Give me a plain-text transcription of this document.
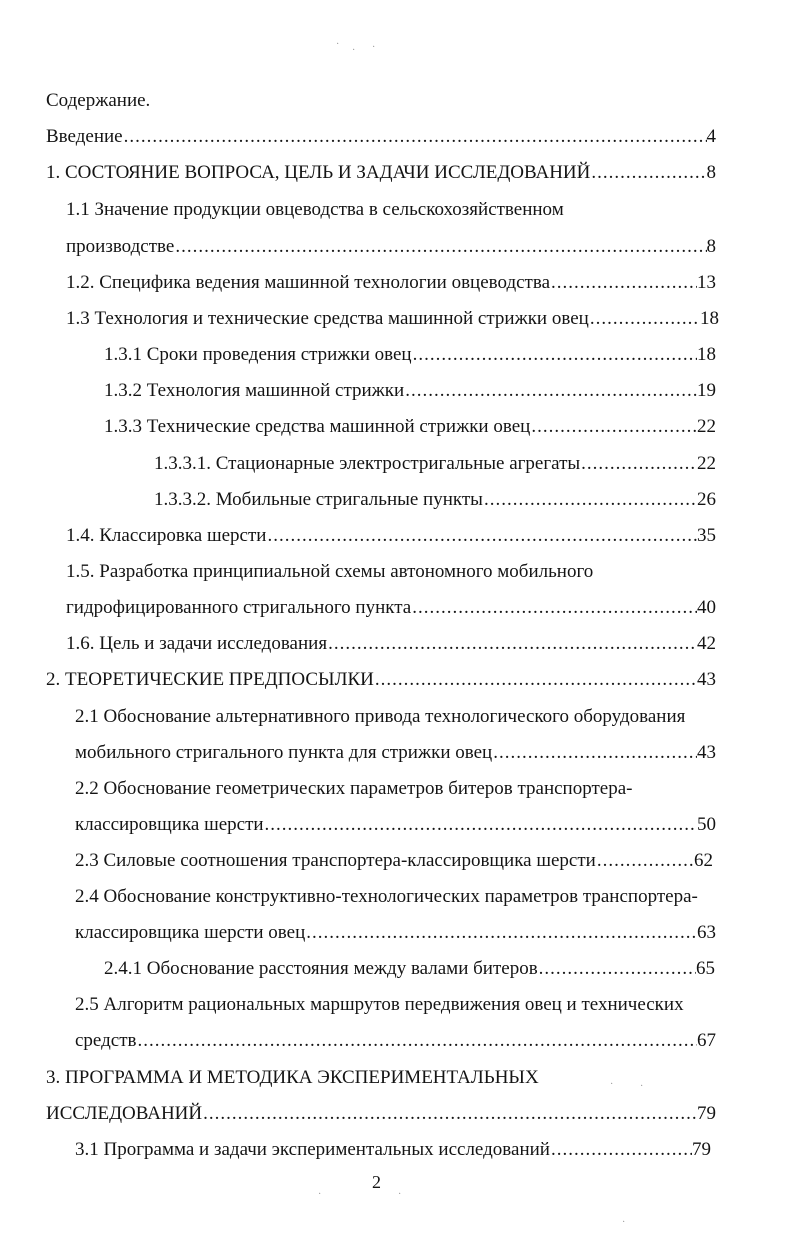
Содержание.
Введение .....	4
1. СОСТОЯНИЕ ВОПРОСА, ЦЕЛЬ И ЗАДАЧИ ИССЛЕДОВАНИЙ .....	8
1.1 Значение продукции овцеводства в сельскохозяйственном
производстве .....	8
1.2. Специфика ведения машинной технологии овцеводства .....	13
1.3 Технология и технические средства машинной стрижки овец .....	18
1.3.1 Сроки проведения стрижки овец .....	18
1.3.2 Технология машинной стрижки .....	19
1.3.3 Технические средства машинной стрижки овец .....	22
1.3.3.1. Стационарные электростригальные агрегаты .....	22
1.3.3.2. Мобильные стригальные пункты .....	26
1.4. Классировка шерсти .....	35
1.5. Разработка принципиальной схемы автономного мобильного
гидрофицированного стригального пункта .....	40
1.6. Цель и задачи исследования .....	42
2. ТЕОРЕТИЧЕСКИЕ ПРЕДПОСЫЛКИ .....	43
2.1 Обоснование альтернативного привода технологического оборудования
мобильного стригального пункта для стрижки овец .....	43
2.2 Обоснование геометрических параметров битеров транспортера-
классировщика шерсти .....	50
2.3 Силовые соотношения транспортера-классировщика шерсти .....	62
2.4 Обоснование конструктивно-технологических параметров транспортера-
классировщика шерсти овец .....	63
2.4.1 Обоснование расстояния между валами битеров .....	65
2.5 Алгоритм рациональных маршрутов передвижения овец и технических
средств .....	67
3. ПРОГРАММА И МЕТОДИКА ЭКСПЕРИМЕНТАЛЬНЫХ
ИССЛЕДОВАНИЙ .....	79
3.1 Программа и задачи экспериментальных исследований .....	79
2
·
· ·
·	·
·
·	·
